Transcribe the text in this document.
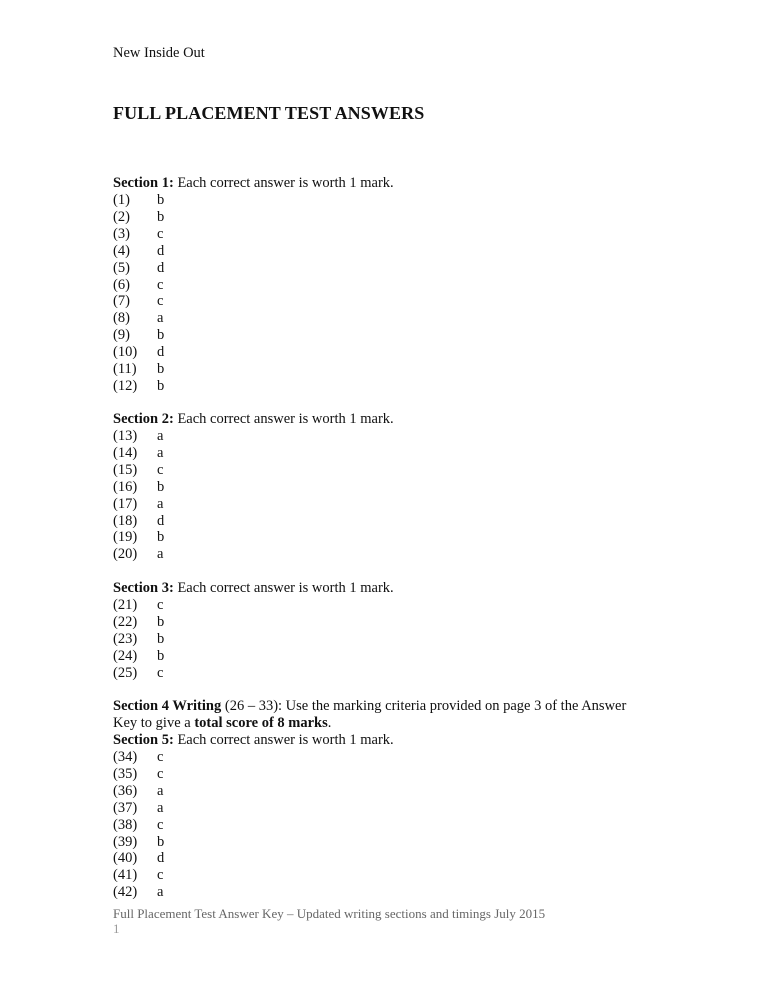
New Inside Out
FULL PLACEMENT TEST ANSWERS
Section 1: Each correct answer is worth 1 mark.
(1) b
(2) b
(3) c
(4) d
(5) d
(6) c
(7) c
(8) a
(9) b
(10) d
(11) b
(12) b
Section 2: Each correct answer is worth 1 mark.
(13) a
(14) a
(15) c
(16) b
(17) a
(18) d
(19) b
(20) a
Section 3: Each correct answer is worth 1 mark.
(21) c
(22) b
(23) b
(24) b
(25) c
Section 4 Writing (26 – 33): Use the marking criteria provided on page 3 of the Answer
Key to give a total score of 8 marks.
Section 5: Each correct answer is worth 1 mark.
(34) c
(35) c
(36) a
(37) a
(38) c
(39) b
(40) d
(41) c
(42) a
Full Placement Test Answer Key – Updated writing sections and timings July 2015
1
